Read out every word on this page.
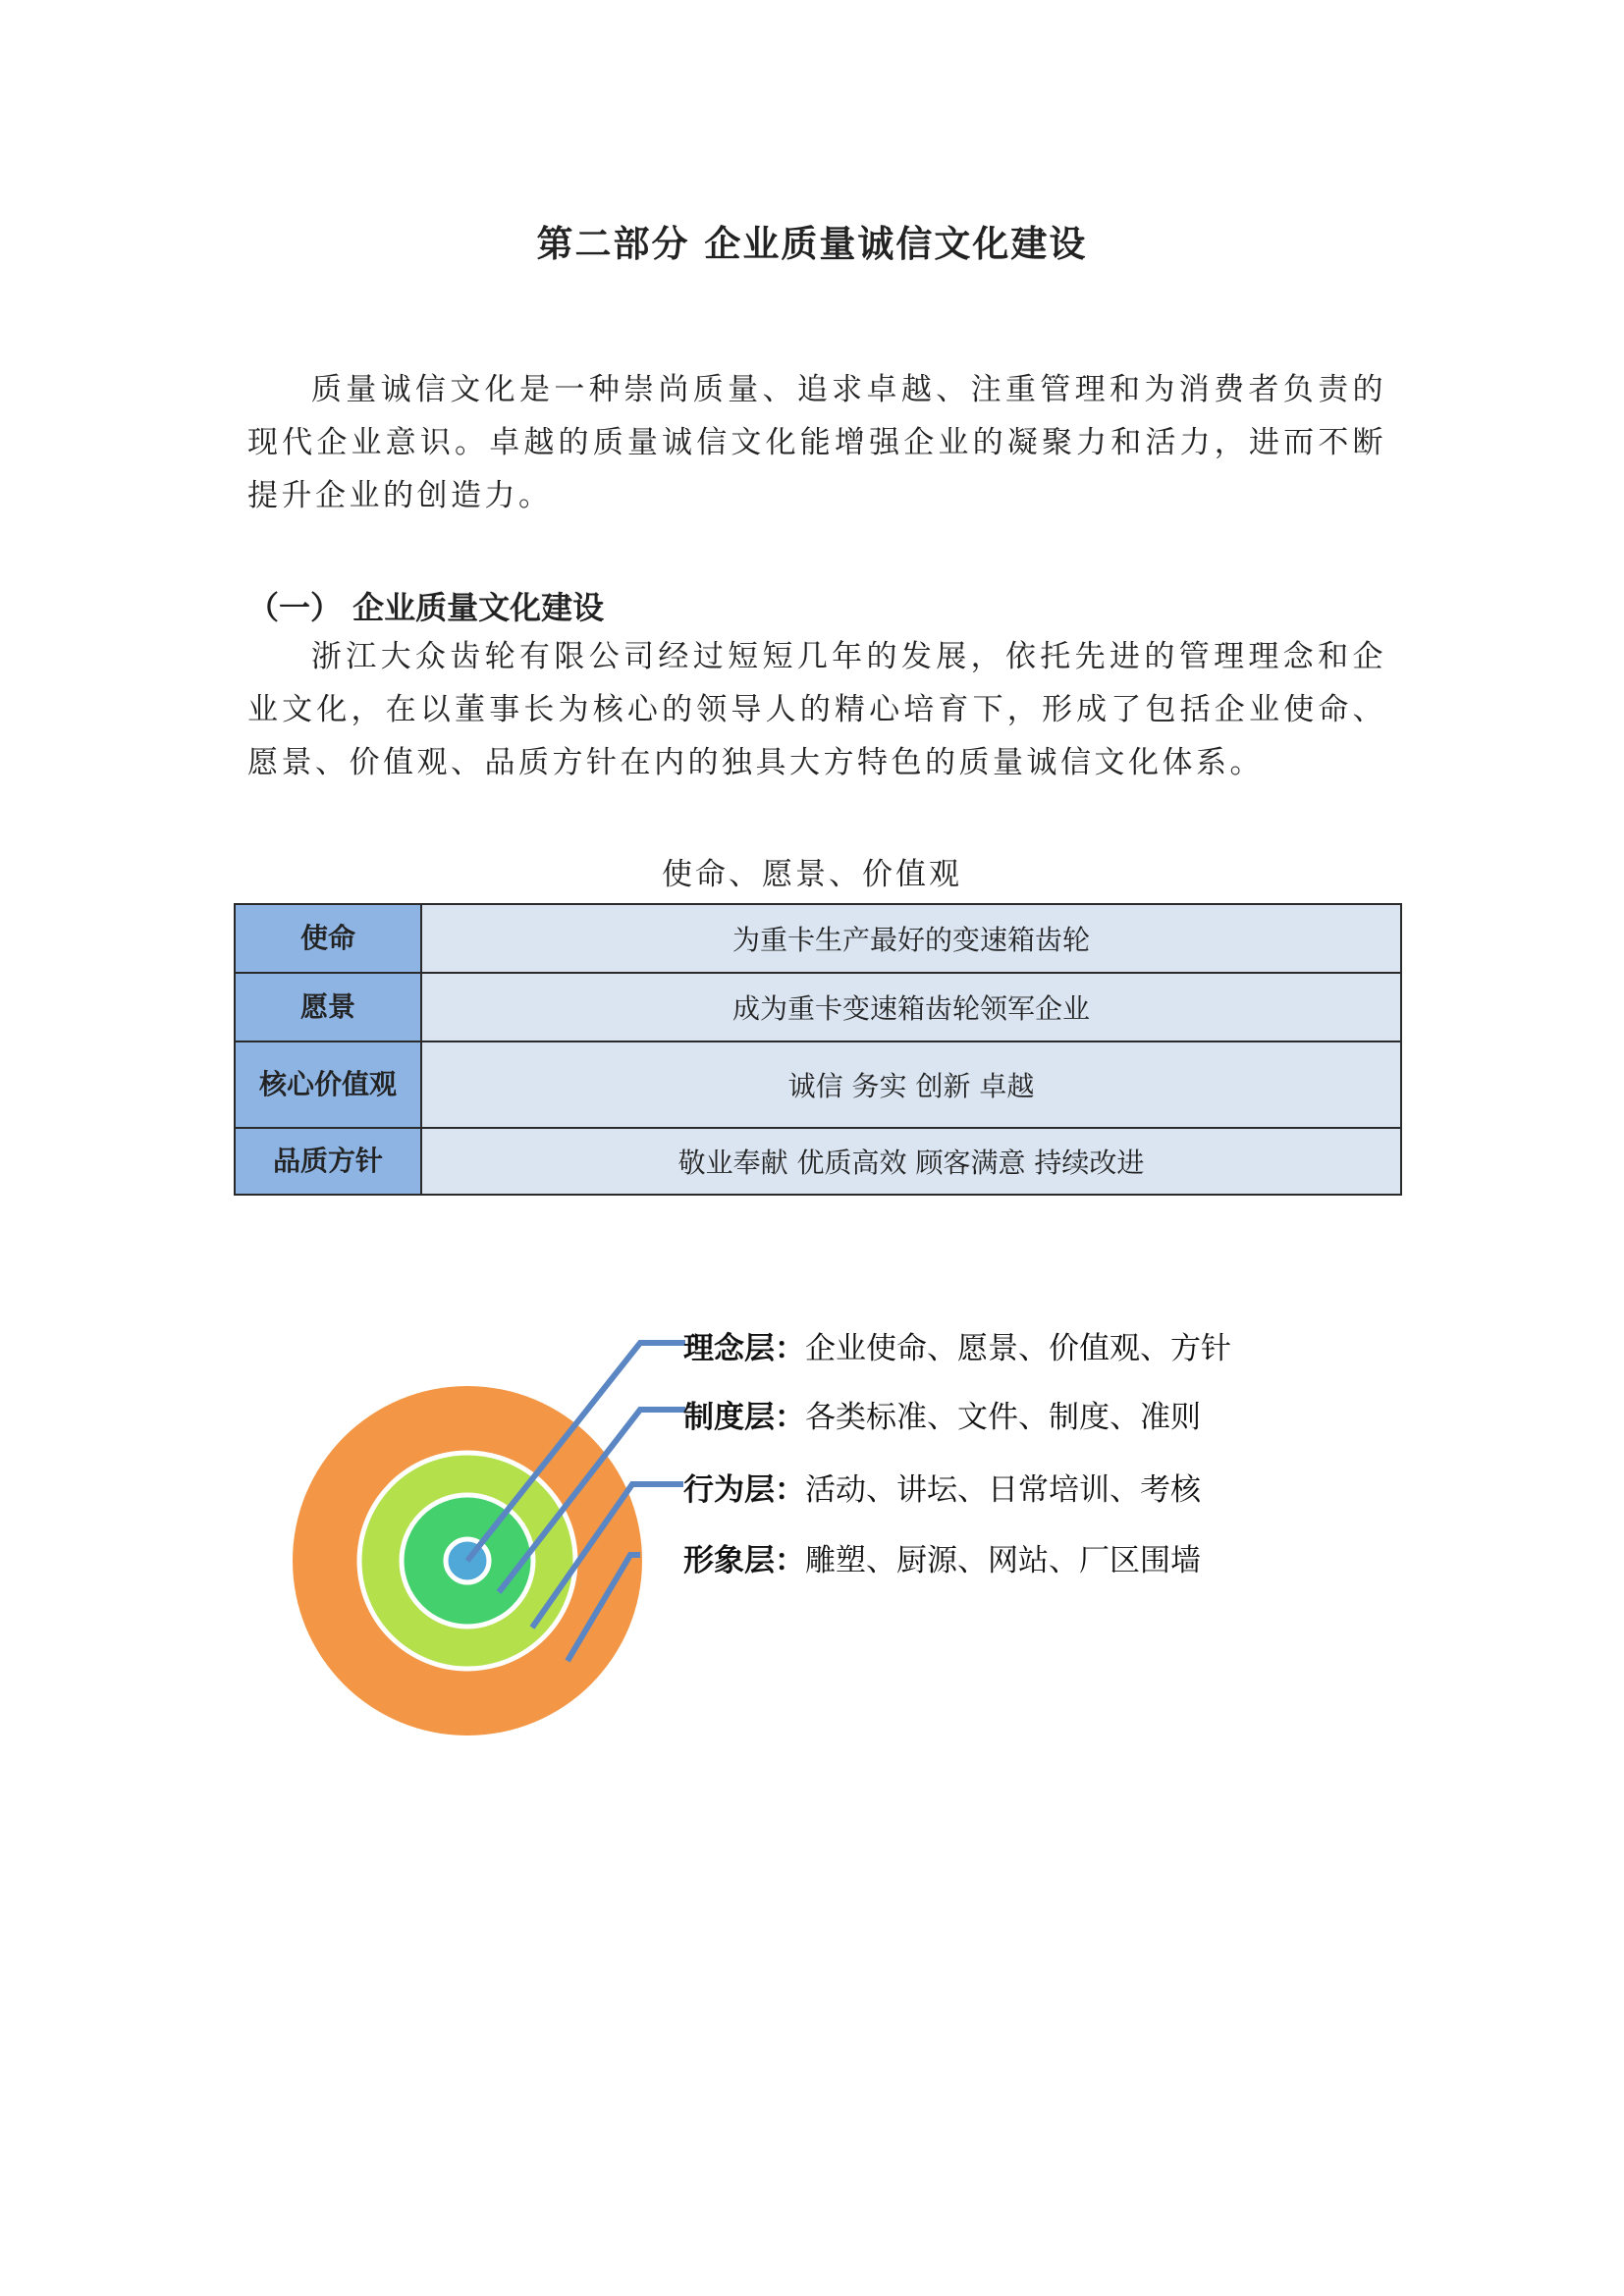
第二部分 企业质量诚信文化建设

质量诚信文化是一种崇尚质量、追求卓越、注重管理和为消费者负责的现代企业意识。卓越的质量诚信文化能增强企业的凝聚力和活力，进而不断提升企业的创造力。

（一） 企业质量文化建设

浙江大众齿轮有限公司经过短短几年的发展，依托先进的管理理念和企业文化，在以董事长为核心的领导人的精心培育下，形成了包括企业使命、愿景、价值观、品质方针在内的独具大方特色的质量诚信文化体系。

使命、愿景、价值观
使命	为重卡生产最好的变速箱齿轮
愿景	成为重卡变速箱齿轮领军企业
核心价值观	诚信 务实 创新 卓越
品质方针	敬业奉献 优质高效 顾客满意 持续改进
理念层：企业使命、愿景、价值观、方针
制度层：各类标准、文件、制度、准则
行为层：活动、讲坛、日常培训、考核
形象层：雕塑、厨源、网站、厂区围墙
